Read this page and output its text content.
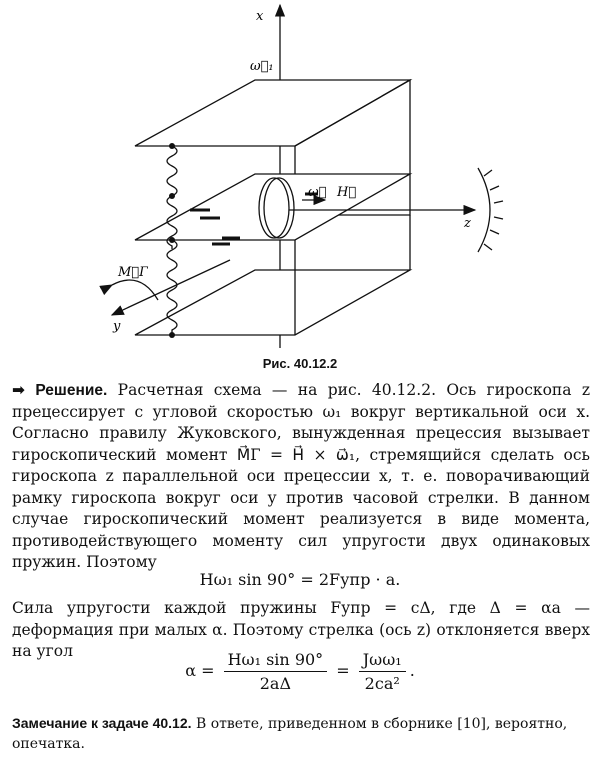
x
ω⃗₁
ω⃗ H⃗
z
M⃗Г
y
Рис. 40.12.2
➡ Решение. Расчетная схема — на рис. 40.12.2. Ось гироскопа z прецессирует с угловой скоростью ω₁ вокруг вертикальной оси x. Согласно правилу Жуковского, вынужденная прецессия вызывает гироскопический момент M⃗Г = H⃗ × ω⃗₁, стремящийся сделать ось гироскопа z параллельной оси прецессии x, т. е. поворачивающий рамку гироскопа вокруг оси y против часовой стрелки. В данном случае гироскопический момент реализуется в виде момента, противодействующего моменту сил упругости двух одинаковых пружин. Поэтому
Hω₁ sin 90° = 2Fупр · a.
Сила упругости каждой пружины Fупр = cΔ, где Δ = αa — деформация при малых α. Поэтому стрелка (ось z) отклоняется вверх на угол
$\alpha = \frac{\text{Hω₁ sin 90°}}{2a\Delta} = \frac{\text{Jωω₁}}{\text{2ca²}}$ .
Замечание к задаче 40.12. В ответе, приведенном в сборнике [10], вероятно, опечатка.
